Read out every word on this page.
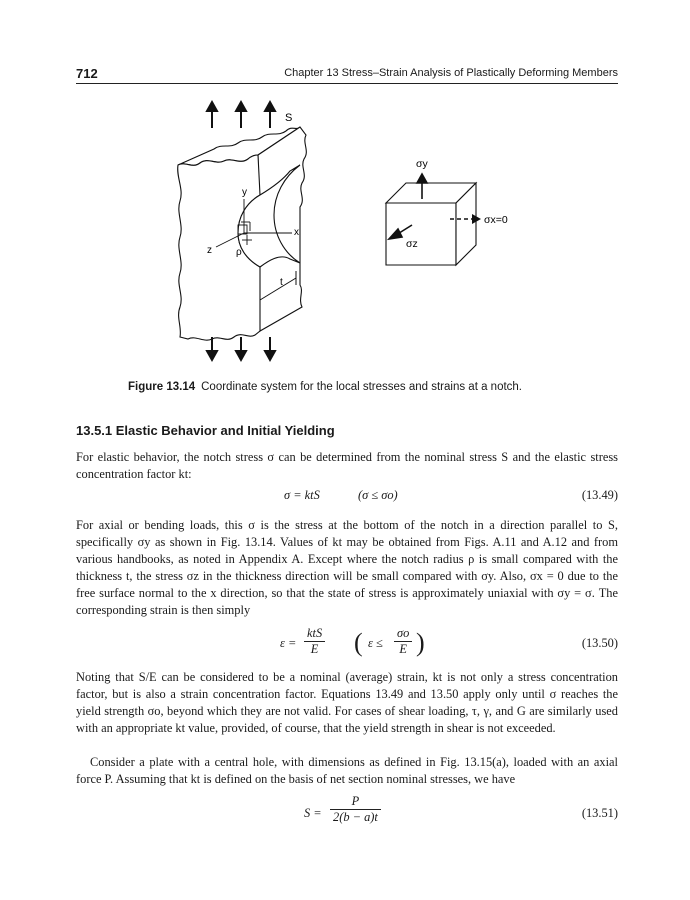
712	Chapter 13 Stress–Strain Analysis of Plastically Deforming Members
S
t
y
x
z ρ
σy
σx=0
σz
Figure 13.14 Coordinate system for the local stresses and strains at a notch.
13.5.1 Elastic Behavior and Initial Yielding
For elastic behavior, the notch stress σ can be determined from the nominal stress S and the elastic stress concentration factor kt:
σ = ktS	(σ ≤ σo)	(13.49)
For axial or bending loads, this σ is the stress at the bottom of the notch in a direction parallel to S, specifically σy as shown in Fig. 13.14. Values of kt may be obtained from Figs. A.11 and A.12 and from various handbooks, as noted in Appendix A. Except where the notch radius ρ is small compared with the thickness t, the stress σz in the thickness direction will be small compared with σy. Also, σx = 0 due to the free surface normal to the x direction, so that the state of stress is approximately uniaxial with σy = σ. The corresponding strain is then simply
ε =
ktS
E ( $\varepsilon \le \frac{\sigma o}{E}$ )	(13.50)
Noting that S/E can be considered to be a nominal (average) strain, kt is not only a stress concentration factor, but is also a strain concentration factor. Equations 13.49 and 13.50 apply only until σ reaches the yield strength σo, beyond which they are not valid. For cases of shear loading, τ, γ, and G are similarly used with an appropriate kt value, provided, of course, that the yield strength in shear is not exceeded.
Consider a plate with a central hole, with dimensions as defined in Fig. 13.15(a), loaded with an axial force P. Assuming that kt is defined on the basis of net section nominal stresses, we have
$S = \frac{P}{2(b - a)t}$	(13.51)
